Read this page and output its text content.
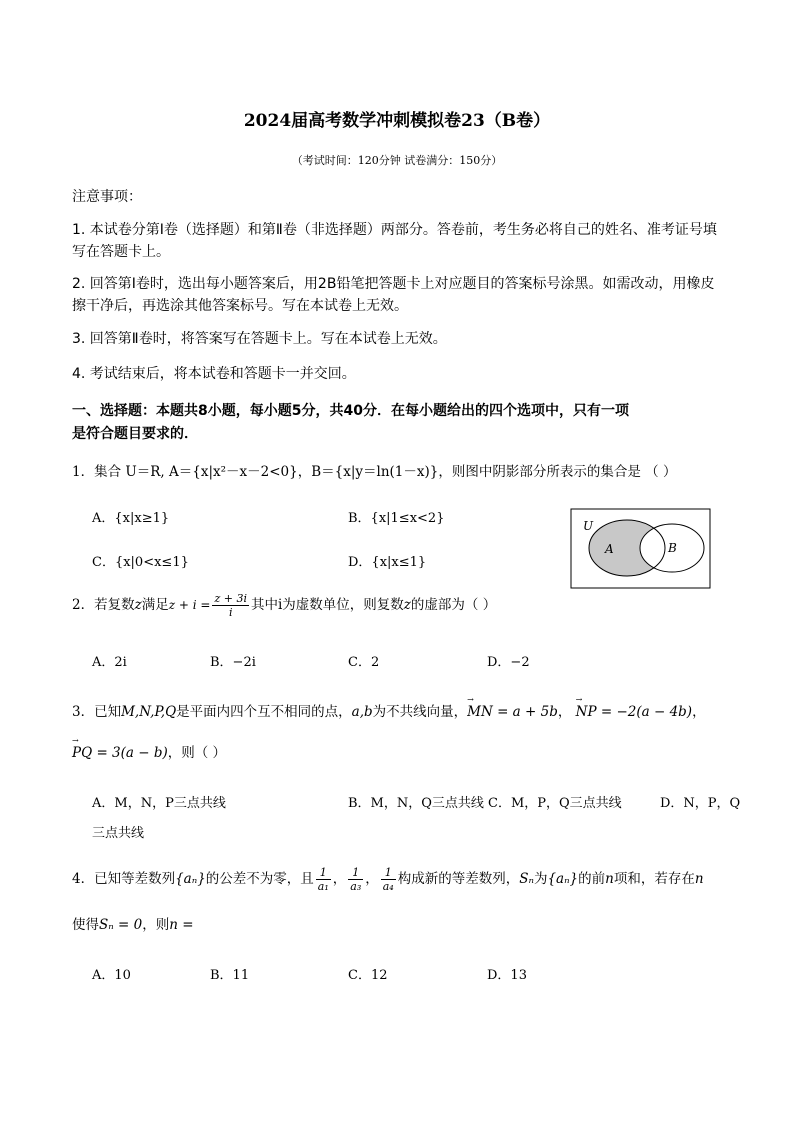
2024届高考数学冲刺模拟卷23（B卷）
（考试时间：120分钟 试卷满分：150分）
注意事项：
1. 本试卷分第Ⅰ卷（选择题）和第Ⅱ卷（非选择题）两部分。答卷前，考生务必将自己的姓名、准考证号填写在答题卡上。
2. 回答第Ⅰ卷时，选出每小题答案后，用2B铅笔把答题卡上对应题目的答案标号涂黑。如需改动，用橡皮擦干净后，再选涂其他答案标号。写在本试卷上无效。
3. 回答第Ⅱ卷时，将答案写在答题卡上。写在本试卷上无效。
4. 考试结束后，将本试卷和答题卡一并交回。
一、选择题：本题共8小题，每小题5分，共40分．在每小题给出的四个选项中，只有一项
是符合题目要求的．
1．集合 U＝R, A＝{x|x²－x－2<0}，B＝{x|y＝ln(1－x)}，则图中阴影部分所表示的集合是 （ ）
A．{x|x≥1}	B．{x|1≤x<2}
C．{x|0<x≤1}	D．{x|x≤1}
U
A	B
2．若复数z满足$z + i = \frac{z + 3i}{i}$ 其中i为虚数单位，则复数z的虚部为（ ）
A．2i	B．−2i	C．2	D．−2
3．已知M,N,P,Q是平面内四个互不相同的点，a,b为不共线向量，→ MN = a + 5b， → NP = −2(a − 4b)，
→ PQ = 3(a − b)，则（ ）
A．M，N，P三点共线	B．M，N，Q三点共线 C．M，P，Q三点共线	D．N，P，Q
三点共线
4．已知等差数列{aₙ}的公差不为零，且 $\frac{1}{\text{a₁}}$ ， $\frac{1}{\text{a₃}}$ ， $\frac{1}{\text{a₄}}$ 构成新的等差数列，Sₙ为{aₙ}的前n项和，若存在n
使得Sₙ = 0，则n =
A．10	B．11	C．12	D．13
